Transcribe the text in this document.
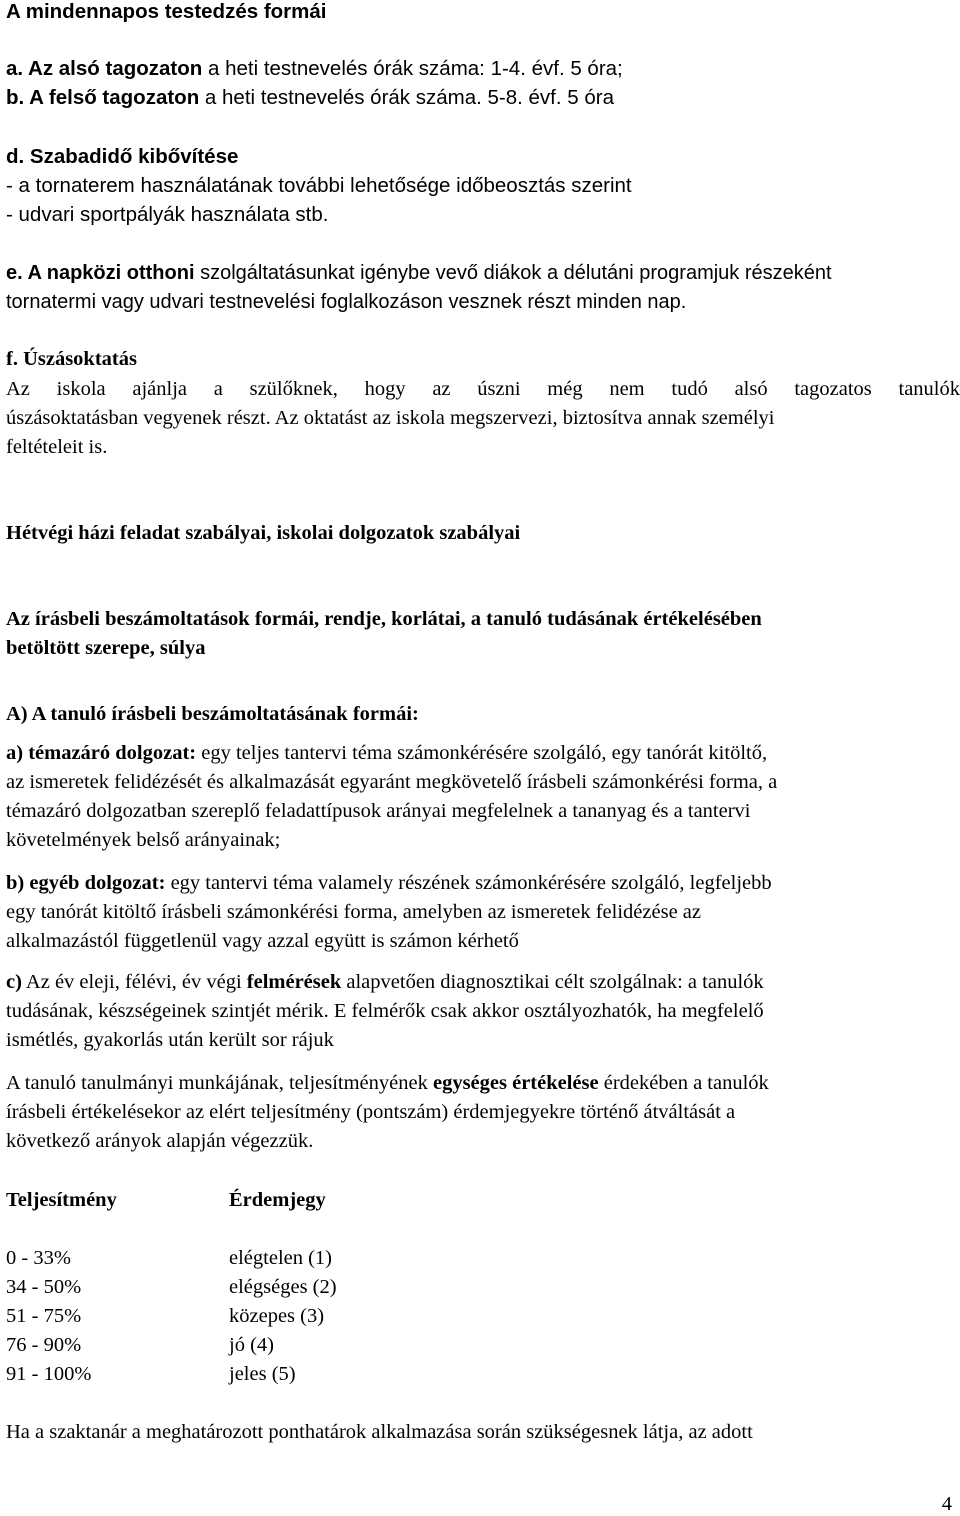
A mindennapos testedzés formái
a. Az alsó tagozaton a heti testnevelés órák száma: 1-4. évf. 5 óra;
b. A felső tagozaton a heti testnevelés órák száma. 5-8. évf. 5 óra
d. Szabadidő kibővítése
- a tornaterem használatának további lehetősége időbeosztás szerint
- udvari sportpályák használata stb.
e. A napközi otthoni szolgáltatásunkat igénybe vevő diákok a délutáni programjuk részeként
tornatermi vagy udvari testnevelési foglalkozáson vesznek részt minden nap.
f. Úszásoktatás
Az iskola ajánlja a szülőknek, hogy az úszni még nem tudó alsó tagozatos tanulók
úszásoktatásban vegyenek részt. Az oktatást az iskola megszervezi, biztosítva annak személyi
feltételeit is.
Hétvégi házi feladat szabályai, iskolai dolgozatok szabályai
Az írásbeli beszámoltatások formái, rendje, korlátai, a tanuló tudásának értékelésében
betöltött szerepe, súlya
A) A tanuló írásbeli beszámoltatásának formái:
a) témazáró dolgozat: egy teljes tantervi téma számonkérésére szolgáló, egy tanórát kitöltő,
az ismeretek felidézését és alkalmazását egyaránt megkövetelő írásbeli számonkérési forma, a
témazáró dolgozatban szereplő feladattípusok arányai megfelelnek a tananyag és a tantervi
követelmények belső arányainak;
b) egyéb dolgozat: egy tantervi téma valamely részének számonkérésére szolgáló, legfeljebb
egy tanórát kitöltő írásbeli számonkérési forma, amelyben az ismeretek felidézése az
alkalmazástól függetlenül vagy azzal együtt is számon kérhető
c) Az év eleji, félévi, év végi felmérések alapvetően diagnosztikai célt szolgálnak: a tanulók
tudásának, készségeinek szintjét mérik. E felmérők csak akkor osztályozhatók, ha megfelelő
ismétlés, gyakorlás után került sor rájuk
A tanuló tanulmányi munkájának, teljesítményének egységes értékelése érdekében a tanulók
írásbeli értékelésekor az elért teljesítmény (pontszám) érdemjegyekre történő átváltását a
következő arányok alapján végezzük.
Teljesítmény	Érdemjegy
0 - 33%	elégtelen (1)
34 - 50%	elégséges (2)
51 - 75%	közepes (3)
76 - 90%	jó (4)
91 - 100%	jeles (5)
Ha a szaktanár a meghatározott ponthatárok alkalmazása során szükségesnek látja, az adott
4
